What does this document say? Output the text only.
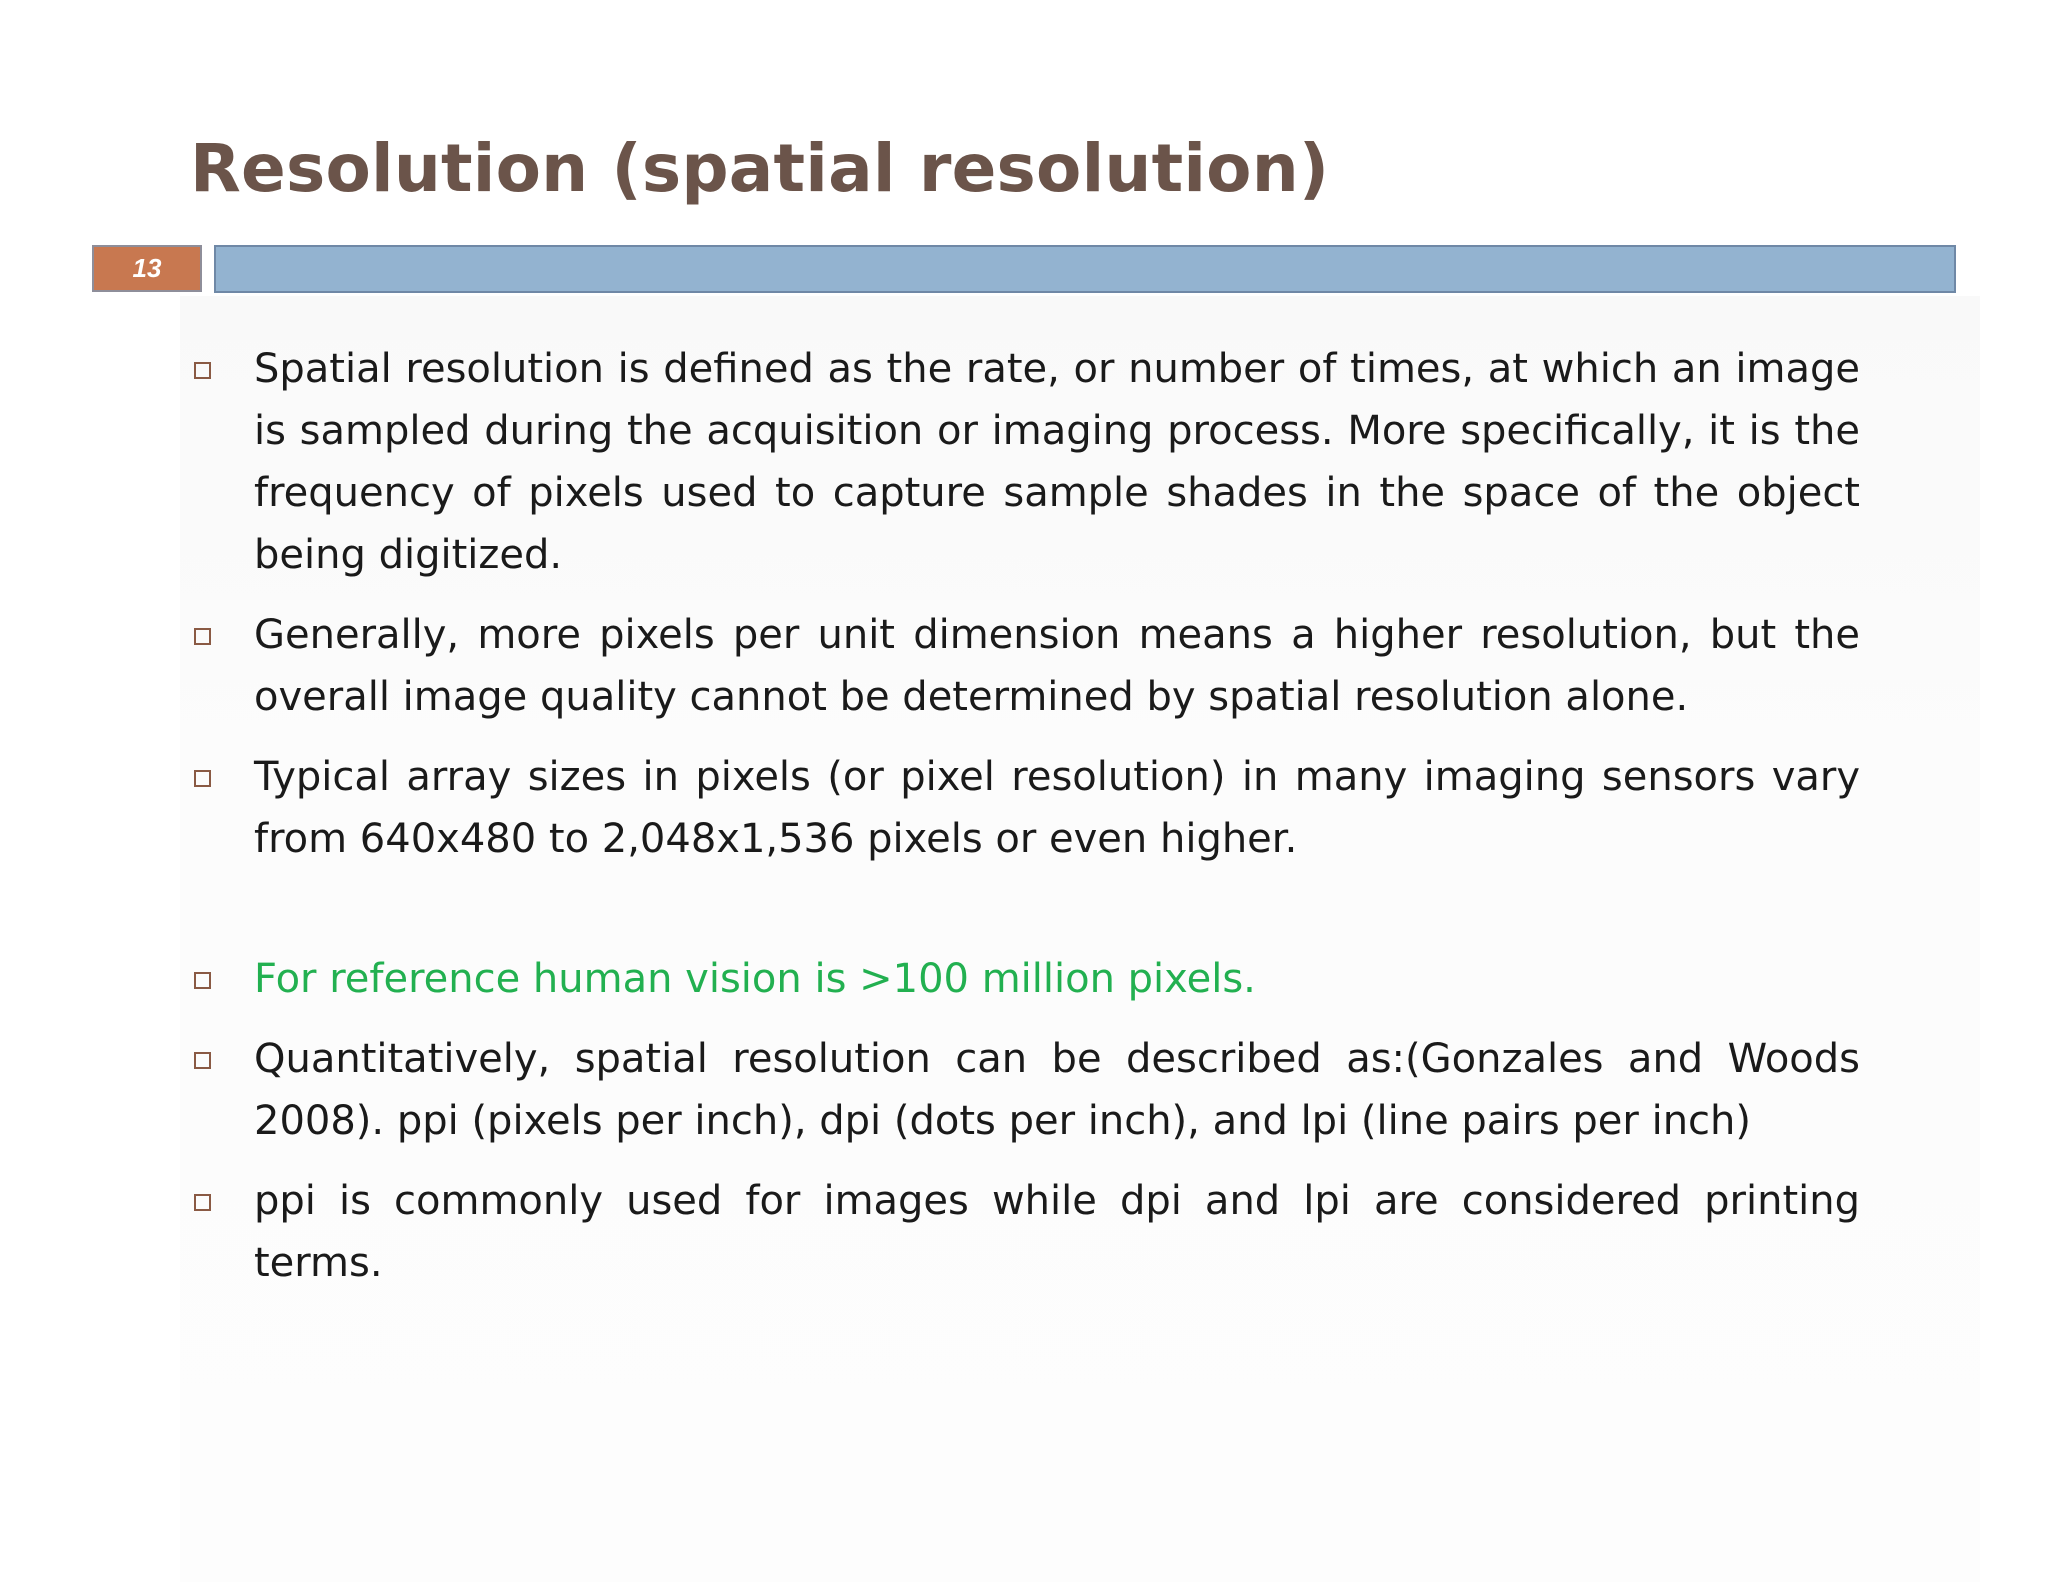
Resolution (spatial resolution)
13
Spatial resolution is defined as the rate, or number of times, at which an image is sampled during the acquisition or imaging process. More specifically, it is the frequency of pixels used to capture sample shades in the space of the object being digitized.
Generally, more pixels per unit dimension means a higher resolution, but the overall image quality cannot be determined by spatial resolution alone.
Typical array sizes in pixels (or pixel resolution) in many imaging sensors vary from 640x480 to 2,048x1,536 pixels or even higher.
For reference human vision is >100 million pixels.
Quantitatively, spatial resolution can be described as:(Gonzales and Woods 2008). ppi (pixels per inch), dpi (dots per inch), and lpi (line pairs per inch)
ppi is commonly used for images while dpi and lpi are considered printing terms.
